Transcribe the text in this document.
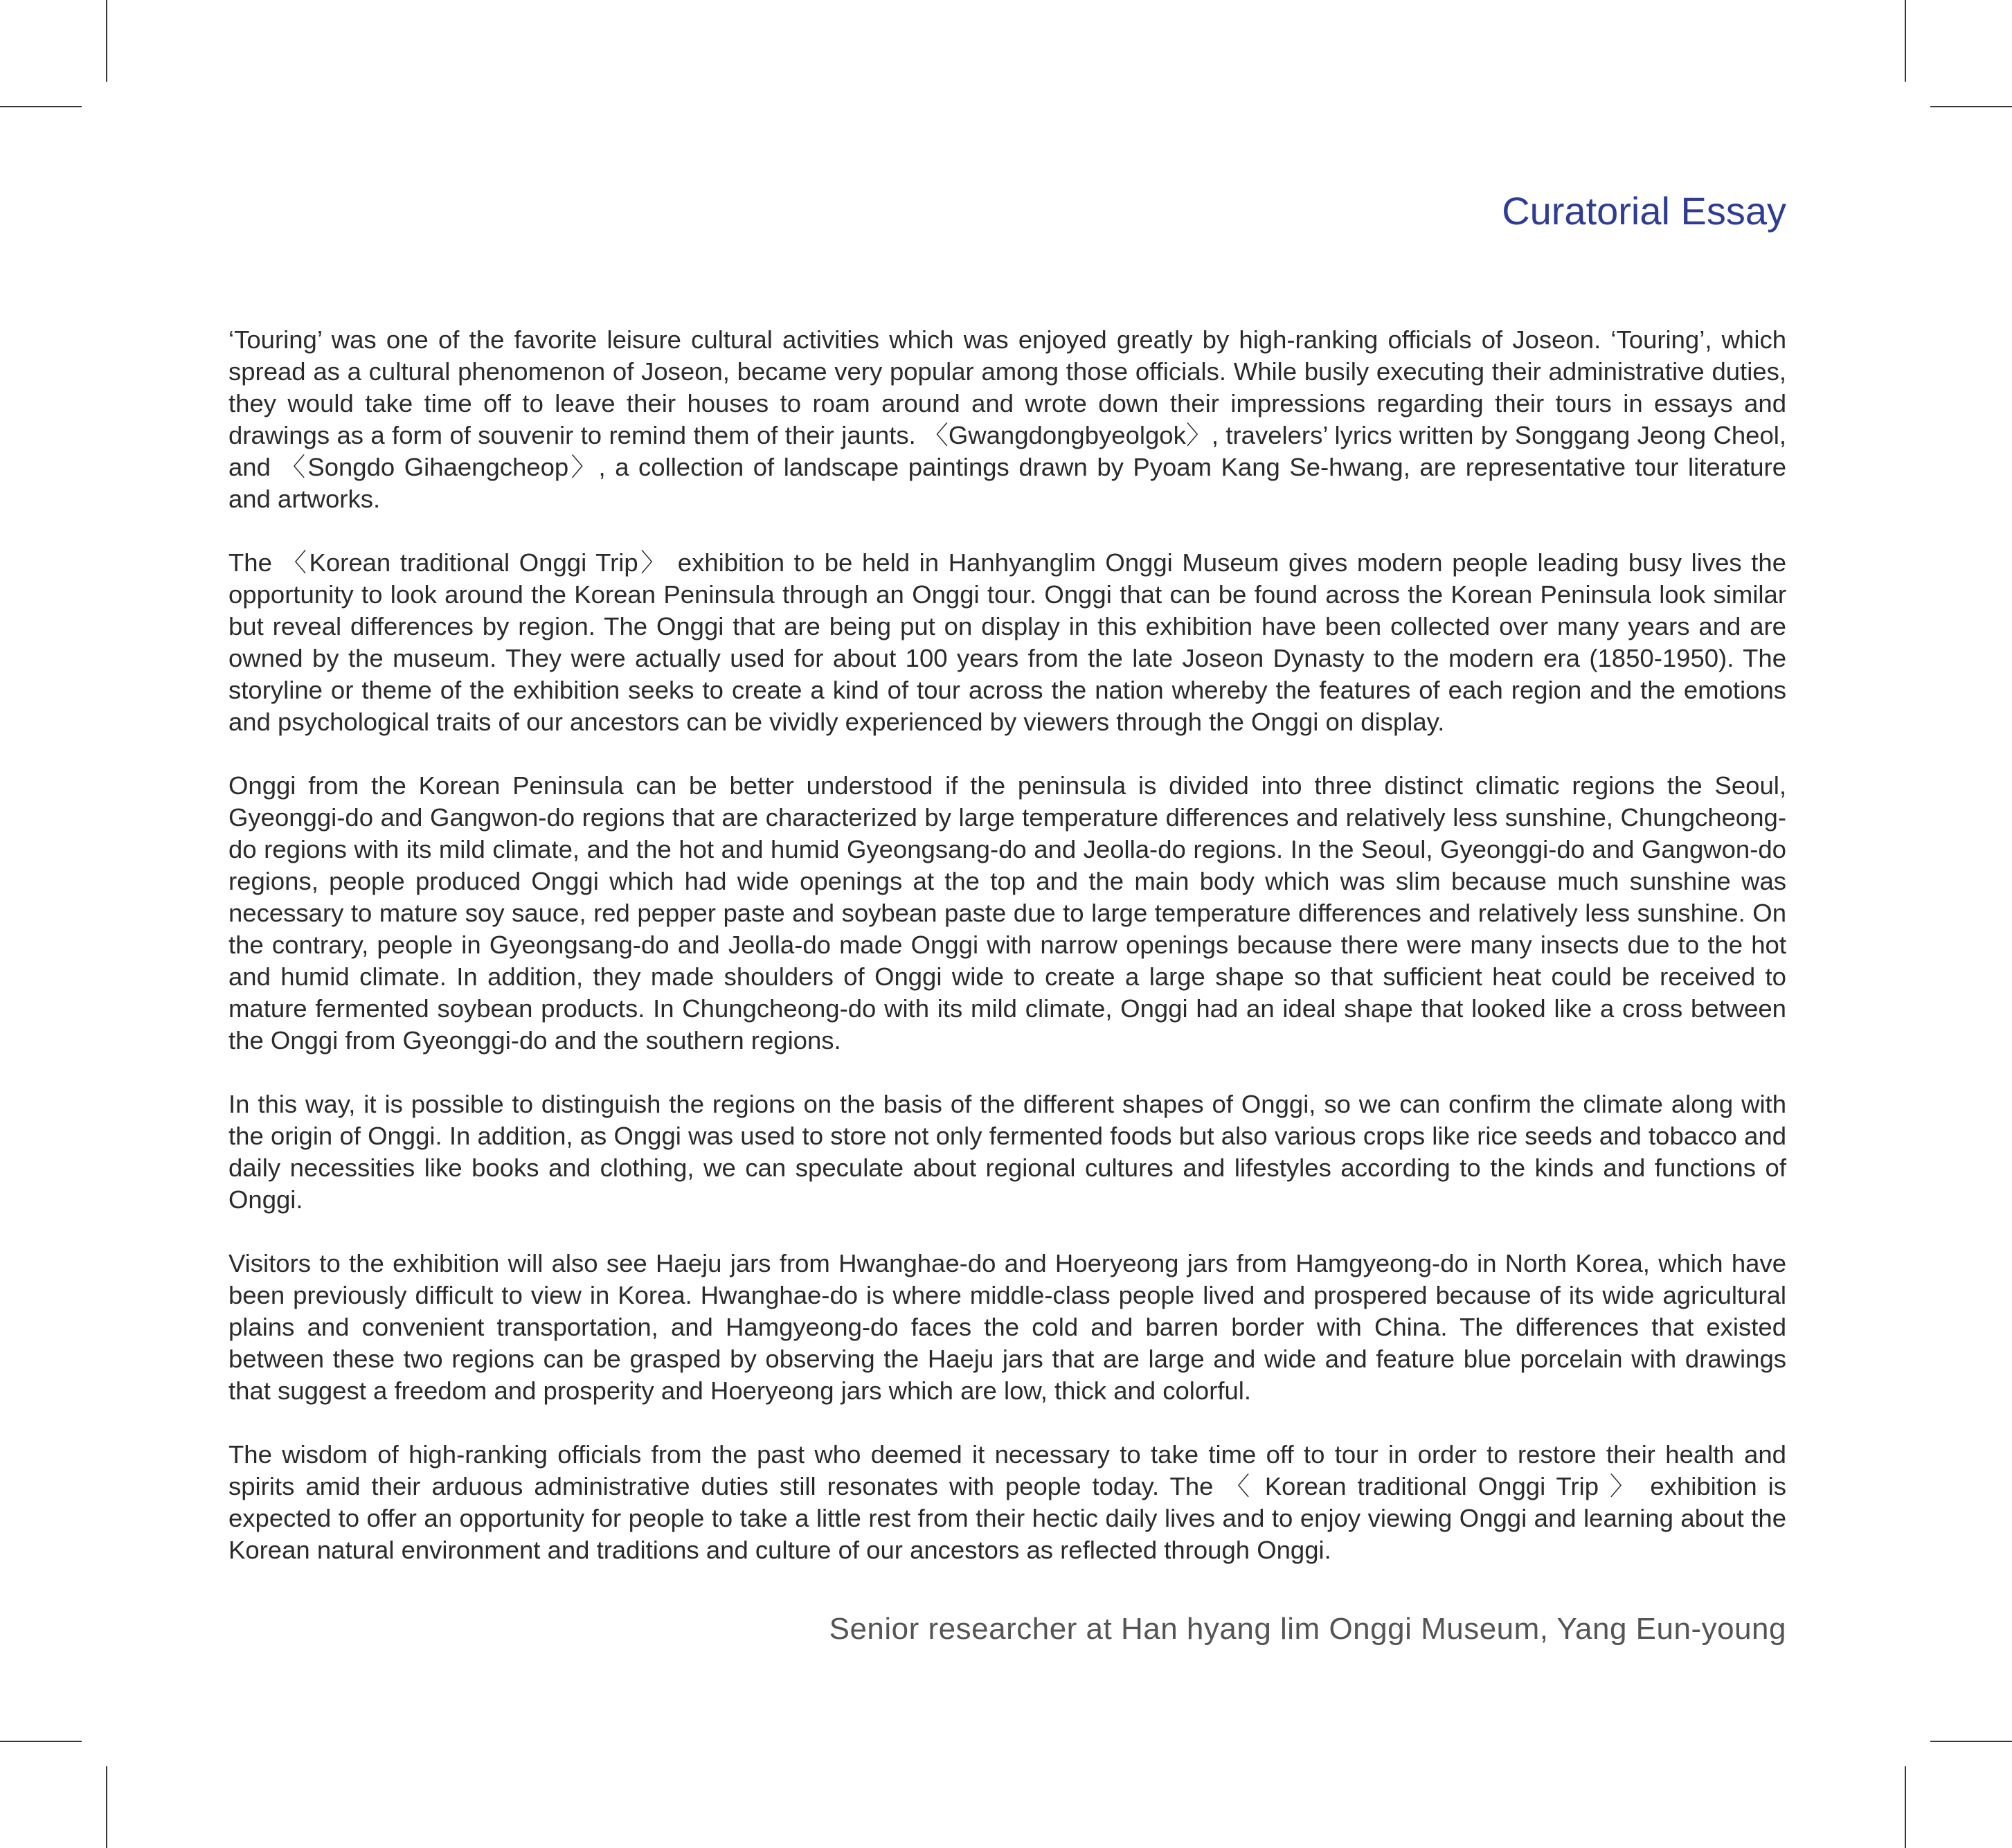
Curatorial Essay

‘Touring’ was one of the favorite leisure cultural activities which was enjoyed greatly by high-ranking officials of Joseon. ‘Touring’, which spread as a cultural phenomenon of Joseon, became very popular among those officials. While busily executing their administrative duties, they would take time off to leave their houses to roam around and wrote down their impressions regarding their tours in essays and drawings as a form of souvenir to remind them of their jaunts. 〈Gwangdongbyeolgok〉, travelers’ lyrics written by Songgang Jeong Cheol, and 〈Songdo Gihaengcheop〉, a collection of landscape paintings drawn by Pyoam Kang Se-hwang, are representative tour literature and artworks.

The 〈Korean traditional Onggi Trip〉 exhibition to be held in Hanhyanglim Onggi Museum gives modern people leading busy lives the opportunity to look around the Korean Peninsula through an Onggi tour. Onggi that can be found across the Korean Peninsula look similar but reveal differences by region. The Onggi that are being put on display in this exhibition have been collected over many years and are owned by the museum. They were actually used for about 100 years from the late Joseon Dynasty to the modern era (1850-1950). The storyline or theme of the exhibition seeks to create a kind of tour across the nation whereby the features of each region and the emotions and psychological traits of our ancestors can be vividly experienced by viewers through the Onggi on display.

Onggi from the Korean Peninsula can be better understood if the peninsula is divided into three distinct climatic regions the Seoul, Gyeonggi-do and Gangwon-do regions that are characterized by large temperature differences and relatively less sunshine, Chungcheong-do regions with its mild climate, and the hot and humid Gyeongsang-do and Jeolla-do regions. In the Seoul, Gyeonggi-do and Gangwon-do regions, people produced Onggi which had wide openings at the top and the main body which was slim because much sunshine was necessary to mature soy sauce, red pepper paste and soybean paste due to large temperature differences and relatively less sunshine. On the contrary, people in Gyeongsang-do and Jeolla-do made Onggi with narrow openings because there were many insects due to the hot and humid climate. In addition, they made shoulders of Onggi wide to create a large shape so that sufficient heat could be received to mature fermented soybean products. In Chungcheong-do with its mild climate, Onggi had an ideal shape that looked like a cross between the Onggi from Gyeonggi-do and the southern regions.

In this way, it is possible to distinguish the regions on the basis of the different shapes of Onggi, so we can confirm the climate along with the origin of Onggi. In addition, as Onggi was used to store not only fermented foods but also various crops like rice seeds and tobacco and daily necessities like books and clothing, we can speculate about regional cultures and lifestyles according to the kinds and functions of Onggi.

Visitors to the exhibition will also see Haeju jars from Hwanghae-do and Hoeryeong jars from Hamgyeong-do in North Korea, which have been previously difficult to view in Korea. Hwanghae-do is where middle-class people lived and prospered because of its wide agricultural plains and convenient transportation, and Hamgyeong-do faces the cold and barren border with China. The differences that existed between these two regions can be grasped by observing the Haeju jars that are large and wide and feature blue porcelain with drawings that suggest a freedom and prosperity and Hoeryeong jars which are low, thick and colorful.

The wisdom of high-ranking officials from the past who deemed it necessary to take time off to tour in order to restore their health and spirits amid their arduous administrative duties still resonates with people today. The 〈 Korean traditional Onggi Trip 〉 exhibition is expected to offer an opportunity for people to take a little rest from their hectic daily lives and to enjoy viewing Onggi and learning about the Korean natural environment and traditions and culture of our ancestors as reflected through Onggi.

Senior researcher at Han hyang lim Onggi Museum, Yang Eun-young
